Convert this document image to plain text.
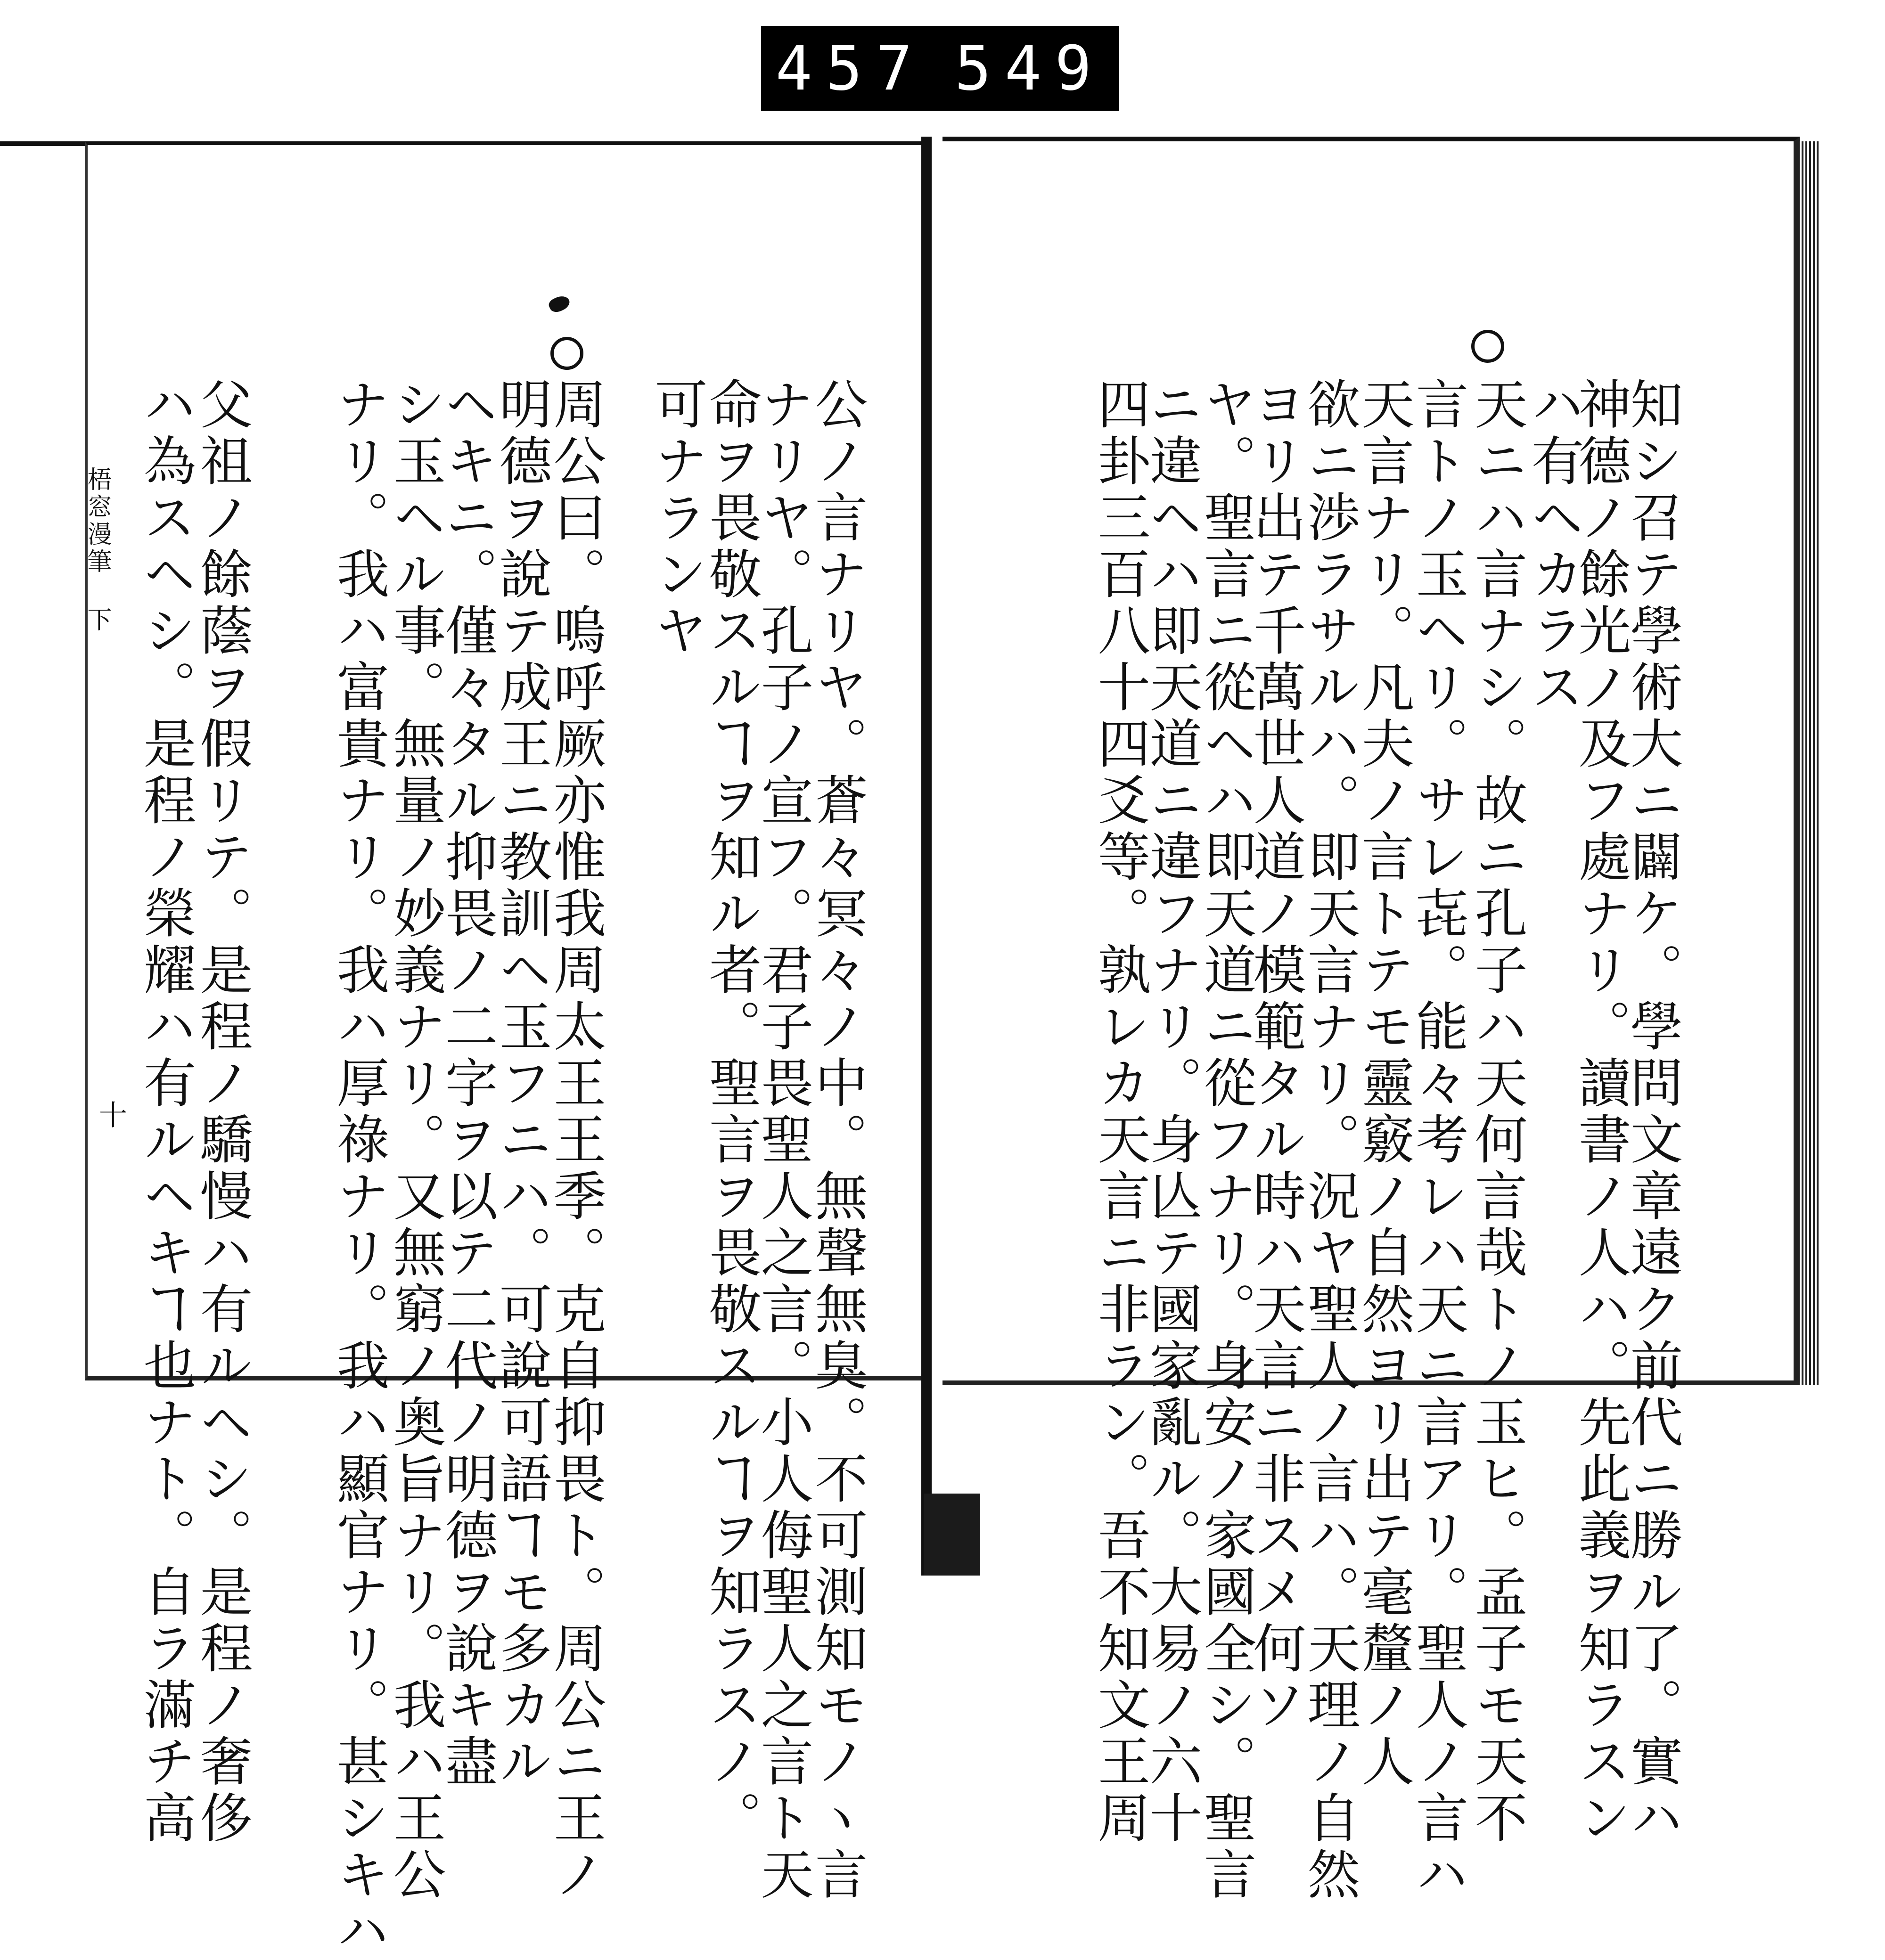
457 549
知シ召テ學術大ニ闢ケ。學問文章遠ク前代ニ勝ル了。實ハ
神德ノ餘光ノ及フ處ナリ。讀書ノ人ハ。先此義ヲ知ラスン
ハ有ヘカラス
天ニハ言ナシ。故ニ孔子ハ天何言哉トノ玉ヒ。孟子モ天不
言トノ玉ヘリ。サレ㐂。能々考レハ天ニ言アリ。聖人ノ言ハ
天言ナリ。凡夫ノ言トテモ靈竅ノ自然ヨリ出テ毫釐ノ人
欲ニ渉ラサルハ。即天言ナリ。況ヤ聖人ノ言ハ。天理ノ自然
ヨリ出テ千萬世人道ノ模範タル時ハ天言ニ非スメ何ソ
ヤ。聖言ニ從ヘハ即天道ニ從フナリ。身安ノ家國全シ。聖言
ニ違ヘハ即天道ニ違フナリ。身亾テ國家亂ル。大易ノ六十
四卦三百八十四爻等。孰レカ天言ニ非ラン。吾不知文王周
公ノ言ナリヤ。蒼々冥々ノ中。無聲無臭。不可測知モノヽ言
ナリヤ。孔子ノ宣フ。君子畏聖人之言。小人侮聖人之言ト天
命ヲ畏敬スルヿヲ知ル者。聖言ヲ畏敬スルヿヲ知ラスノ。
可ナランヤ
周公曰。嗚呼厥亦惟我周太王王季。克自抑畏ト。周公ニ王ノ
明德ヲ說テ成王ニ教訓ヘ玉フニハ。可說可語ヿモ多カル
ヘキニ。僅々タル抑畏ノ二字ヲ以テ二代ノ明德ヲ說キ盡
シ玉ヘル事。無量ノ妙義ナリ。又無窮ノ奥旨ナリ。我ハ王公
ナリ。我ハ富貴ナリ。我ハ厚祿ナリ。我ハ顯官ナリ。甚シキハ
父祖ノ餘蔭ヲ假リテ。是程ノ驕慢ハ有ルヘシ。是程ノ奢侈
ハ為スヘシ。是程ノ榮耀ハ有ルヘキヿ也ナト。自ラ滿チ高
梧窓漫筆 下
十
